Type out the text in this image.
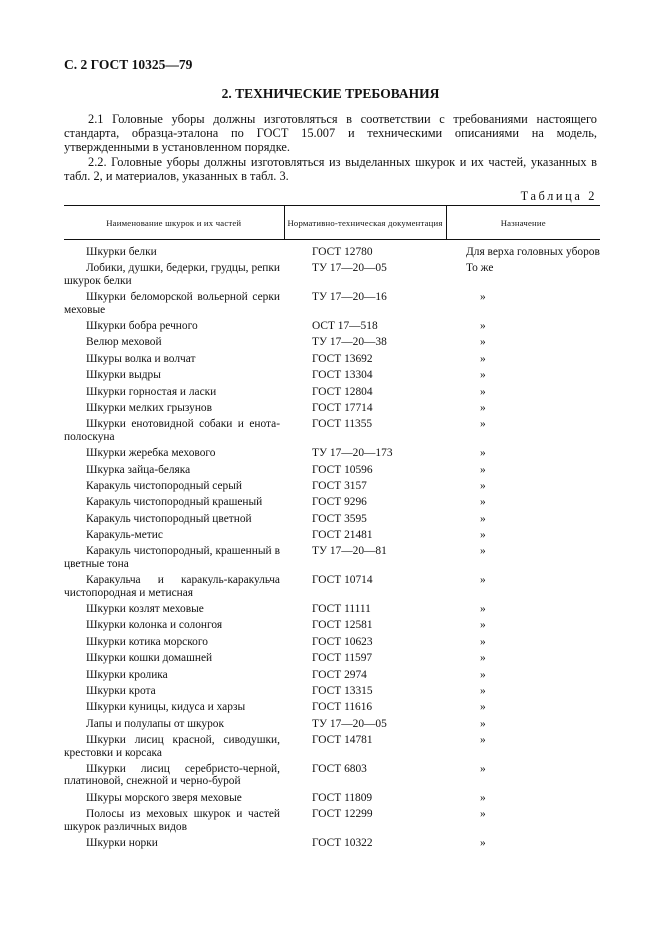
С. 2 ГОСТ 10325—79
2. ТЕХНИЧЕСКИЕ ТРЕБОВАНИЯ
2.1 Головные уборы должны изготовляться в соответствии с требованиями настоящего стандарта, образца-эталона по ГОСТ 15.007 и техническими описаниями на модель, утвержденными в установленном порядке.
2.2. Головные уборы должны изготовляться из выделанных шкурок и их частей, указанных в табл. 2, и материалов, указанных в табл. 3.
Таблица 2
Наименование шкурок и их частей	Нормативно-техническая документация	Назначение

Шкурки белки	ГОСТ 12780	Для верха головных уборов

Лобики, душки, бедерки, грудцы, репки шкурок белки	ТУ 17—20—05	То же

Шкурки беломорской вольерной серки меховые	ТУ 17—20—16	»

Шкурки бобра речного	ОСТ 17—518	»

Велюр меховой	ТУ 17—20—38	»

Шкуры волка и волчат	ГОСТ 13692	»

Шкурки выдры	ГОСТ 13304	»

Шкурки горностая и ласки	ГОСТ 12804	»

Шкурки мелких грызунов	ГОСТ 17714	»

Шкурки енотовидной собаки и енота-полоскуна	ГОСТ 11355	»

Шкурки жеребка мехового	ТУ 17—20—173	»

Шкурка зайца-беляка	ГОСТ 10596	»

Каракуль чистопородный серый	ГОСТ 3157	»

Каракуль чистопородный крашеный	ГОСТ 9296	»

Каракуль чистопородный цветной	ГОСТ 3595	»

Каракуль-метис	ГОСТ 21481	»

Каракуль чистопородный, крашенный в цветные тона	ТУ 17—20—81	»

Каракульча и каракуль-каракульча чистопородная и метисная	ГОСТ 10714	»

Шкурки козлят меховые	ГОСТ 11111	»

Шкурки колонка и солонгоя	ГОСТ 12581	»

Шкурки котика морского	ГОСТ 10623	»

Шкурки кошки домашней	ГОСТ 11597	»

Шкурки кролика	ГОСТ 2974	»

Шкурки крота	ГОСТ 13315	»

Шкурки куницы, кидуса и харзы	ГОСТ 11616	»

Лапы и полулапы от шкурок	ТУ 17—20—05	»

Шкурки лисиц красной, сиводушки, крестовки и корсака	ГОСТ 14781	»

Шкурки лисиц серебристо-черной, платиновой, снежной и черно-бурой	ГОСТ 6803	»

Шкуры морского зверя меховые	ГОСТ 11809	»

Полосы из меховых шкурок и частей шкурок различных видов	ГОСТ 12299	»

Шкурки норки	ГОСТ 10322	»
